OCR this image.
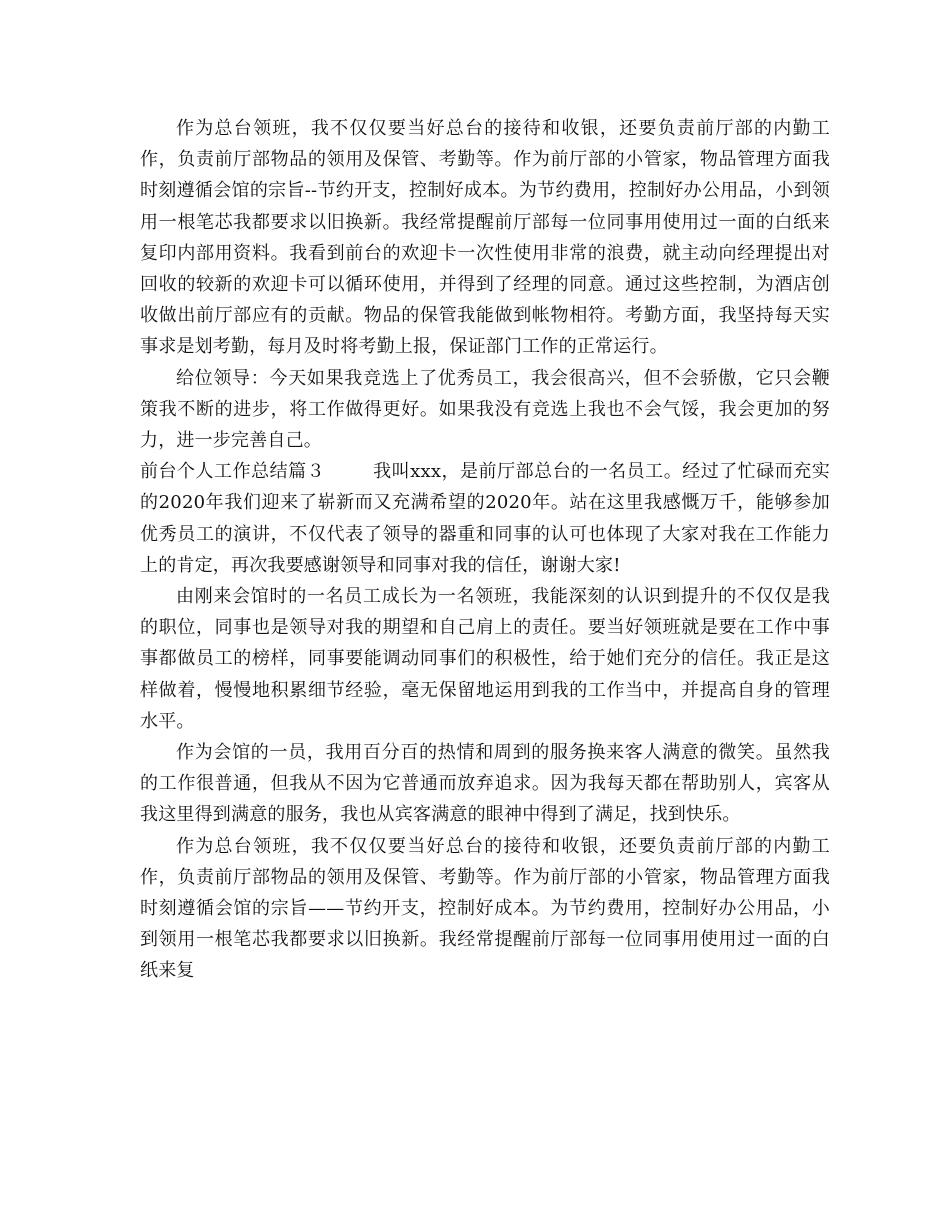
作为总台领班，我不仅仅要当好总台的接待和收银，还要负责前厅部的内勤工作，负责前厅部物品的领用及保管、考勤等。作为前厅部的小管家，物品管理方面我时刻遵循会馆的宗旨--节约开支，控制好成本。为节约费用，控制好办公用品，小到领用一根笔芯我都要求以旧换新。我经常提醒前厅部每一位同事用使用过一面的白纸来复印内部用资料。我看到前台的欢迎卡一次性使用非常的浪费，就主动向经理提出对回收的较新的欢迎卡可以循环使用，并得到了经理的同意。通过这些控制，为酒店创收做出前厅部应有的贡献。物品的保管我能做到帐物相符。考勤方面，我坚持每天实事求是划考勤，每月及时将考勤上报，保证部门工作的正常运行。

给位领导：今天如果我竞选上了优秀员工，我会很高兴，但不会骄傲，它只会鞭策我不断的进步，将工作做得更好。如果我没有竞选上我也不会气馁，我会更加的努力，进一步完善自己。

前台个人工作总结篇３	我叫xxx，是前厅部总台的一名员工。经过了忙碌而充实的2020年我们迎来了崭新而又充满希望的2020年。站在这里我感慨万千，能够参加优秀员工的演讲，不仅代表了领导的器重和同事的认可也体现了大家对我在工作能力上的肯定，再次我要感谢领导和同事对我的信任，谢谢大家!

由刚来会馆时的一名员工成长为一名领班，我能深刻的认识到提升的不仅仅是我的职位，同事也是领导对我的期望和自己肩上的责任。要当好领班就是要在工作中事事都做员工的榜样，同事要能调动同事们的积极性，给于她们充分的信任。我正是这样做着，慢慢地积累细节经验，毫无保留地运用到我的工作当中，并提高自身的管理水平。

作为会馆的一员，我用百分百的热情和周到的服务换来客人满意的微笑。虽然我的工作很普通，但我从不因为它普通而放弃追求。因为我每天都在帮助别人，宾客从我这里得到满意的服务，我也从宾客满意的眼神中得到了满足，找到快乐。

作为总台领班，我不仅仅要当好总台的接待和收银，还要负责前厅部的内勤工作，负责前厅部物品的领用及保管、考勤等。作为前厅部的小管家，物品管理方面我时刻遵循会馆的宗旨——节约开支，控制好成本。为节约费用，控制好办公用品，小到领用一根笔芯我都要求以旧换新。我经常提醒前厅部每一位同事用使用过一面的白纸来复
